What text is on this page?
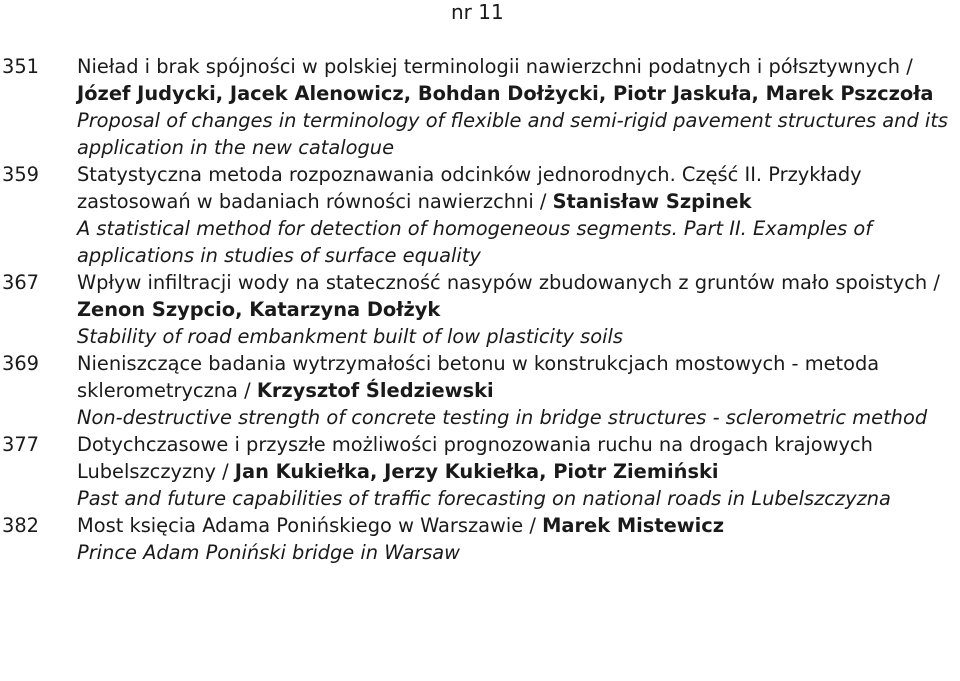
nr 11
351	Nieład i brak spójności w polskiej terminologii nawierzchni podatnych i półsztywnych / Józef Judycki, Jacek Alenowicz, Bohdan Dołżycki, Piotr Jaskuła, Marek Pszczoła

Proposal of changes in terminology of flexible and semi-rigid pavement structures and its application in the new catalogue

359	Statystyczna metoda rozpoznawania odcinków jednorodnych. Część II. Przykłady zastosowań w badaniach równości nawierzchni / Stanisław Szpinek

A statistical method for detection of homogeneous segments. Part II. Examples of applications in studies of surface equality

367	Wpływ infiltracji wody na stateczność nasypów zbudowanych z gruntów mało spoistych / Zenon Szypcio, Katarzyna Dołżyk

Stability of road embankment built of low plasticity soils

369	Nieniszczące badania wytrzymałości betonu w konstrukcjach mostowych - metoda sklerometryczna / Krzysztof Śledziewski

Non-destructive strength of concrete testing in bridge structures - sclerometric method

377	Dotychczasowe i przyszłe możliwości prognozowania ruchu na drogach krajowych Lubelszczyzny / Jan Kukiełka, Jerzy Kukiełka, Piotr Ziemiński

Past and future capabilities of traffic forecasting on national roads in Lubelszczyzna

382	Most księcia Adama Ponińskiego w Warszawie / Marek Mistewicz

Prince Adam Poniński bridge in Warsaw
